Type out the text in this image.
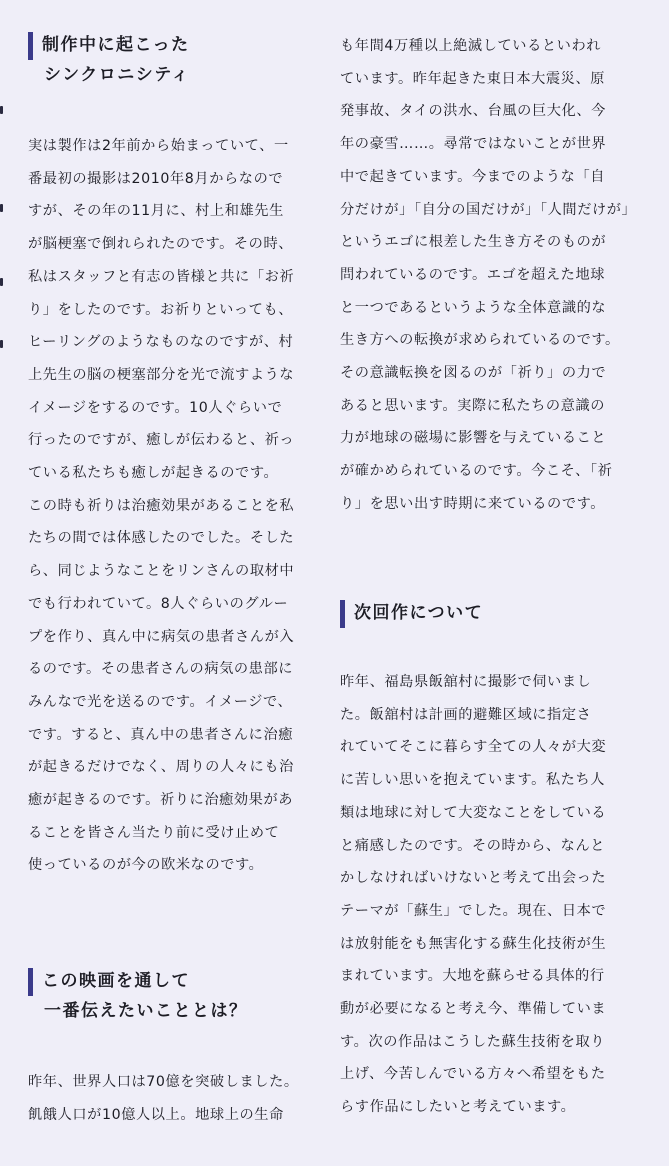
制作中に起こった
シンクロニシティ
実は製作は2年前から始まっていて、一
番最初の撮影は2010年8月からなので
すが、その年の11月に、村上和雄先生
が脳梗塞で倒れられたのです。その時、
私はスタッフと有志の皆様と共に「お祈
り」をしたのです。お祈りといっても、
ヒーリングのようなものなのですが、村
上先生の脳の梗塞部分を光で流すような
イメージをするのです。10人ぐらいで
行ったのですが、癒しが伝わると、祈っ
ている私たちも癒しが起きるのです。
この時も祈りは治癒効果があることを私
たちの間では体感したのでした。そした
ら、同じようなことをリンさんの取材中
でも行われていて。8人ぐらいのグルー
プを作り、真ん中に病気の患者さんが入
るのです。その患者さんの病気の患部に
みんなで光を送るのです。イメージで、
です。すると、真ん中の患者さんに治癒
が起きるだけでなく、周りの人々にも治
癒が起きるのです。祈りに治癒効果があ
ることを皆さん当たり前に受け止めて
使っているのが今の欧米なのです。
この映画を通して
一番伝えたいこととは？
昨年、世界人口は70億を突破しました。
飢餓人口が10億人以上。地球上の生命
も年間4万種以上絶滅しているといわれ
ています。昨年起きた東日本大震災、原
発事故、タイの洪水、台風の巨大化、今
年の豪雪……。尋常ではないことが世界
中で起きています。今までのような「自
分だけが」「自分の国だけが」「人間だけが」
というエゴに根差した生き方そのものが
問われているのです。エゴを超えた地球
と一つであるというような全体意識的な
生き方への転換が求められているのです。
その意識転換を図るのが「祈り」の力で
あると思います。実際に私たちの意識の
力が地球の磁場に影響を与えていること
が確かめられているのです。今こそ、「祈
り」を思い出す時期に来ているのです。
次回作について
昨年、福島県飯舘村に撮影で伺いまし
た。飯舘村は計画的避難区域に指定さ
れていてそこに暮らす全ての人々が大変
に苦しい思いを抱えています。私たち人
類は地球に対して大変なことをしている
と痛感したのです。その時から、なんと
かしなければいけないと考えて出会った
テーマが「蘇生」でした。現在、日本で
は放射能をも無害化する蘇生化技術が生
まれています。大地を蘇らせる具体的行
動が必要になると考え今、準備していま
す。次の作品はこうした蘇生技術を取り
上げ、今苦しんでいる方々へ希望をもた
らす作品にしたいと考えています。
